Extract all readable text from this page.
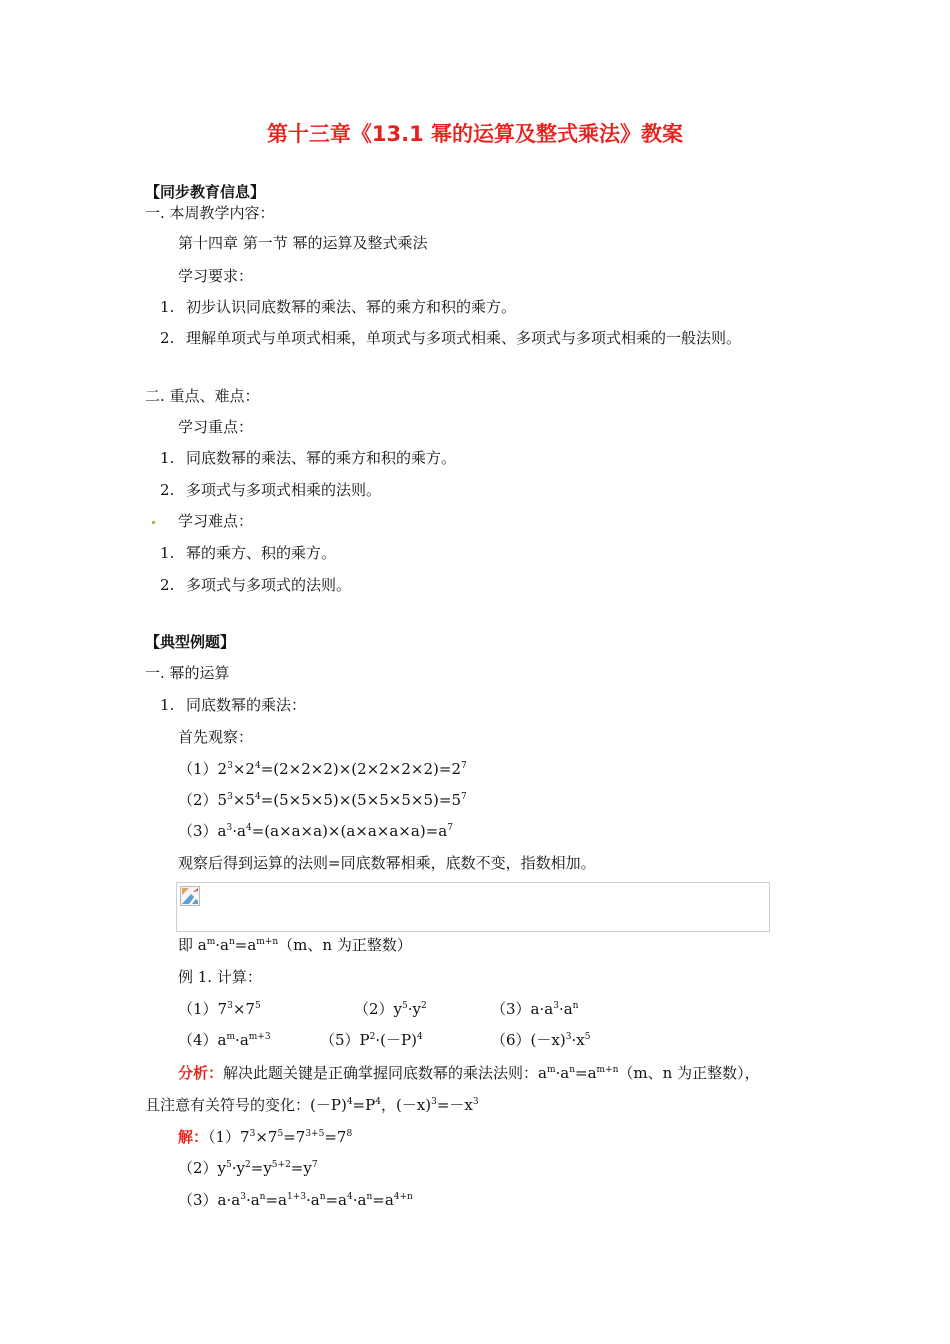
第十三章《13.1 幂的运算及整式乘法》教案
【同步教育信息】
一. 本周教学内容：
第十四章 第一节 幂的运算及整式乘法
学习要求：
1. 初步认识同底数幂的乘法、幂的乘方和积的乘方。
2. 理解单项式与单项式相乘，单项式与多项式相乘、多项式与多项式相乘的一般法则。
二. 重点、难点：
学习重点：
1. 同底数幂的乘法、幂的乘方和积的乘方。
2. 多项式与多项式相乘的法则。
学习难点：
1. 幂的乘方、积的乘方。
2. 多项式与多项式的法则。
【典型例题】
一. 幂的运算
1. 同底数幂的乘法：
首先观察：
$(1)2^3\times 2^4=(2\times 2\times 2)\times(2\times 2\times 2\times 2)=2^7$
$(2)5^3\times 5^4=(5\times 5\times 5)\times(5\times 5\times 5\times 5)=5^7$
$(3)a^3\cdot a^4=(a\times a\times a)\times(a\times a\times a\times a)=a^7$
观察后得到运算的法则=同底数幂相乘，底数不变，指数相加。
即 $a^m\cdot a^n=a^{m+n}(m$、n 为正整数）
例 1. 计算：
$(1)7^3\times 7^5$	$(2)y^5\cdot y^2$	$(3)a\cdot a^3\cdot a^n$
$(4)a^m\cdot a^{m+3}$	$(5)P^2\cdot(-P)^4$	$(6)(-x)^3\cdot x^5$
分析：解决此题关键是正确掌握同底数幂的乘法法则：$a^m\cdot a^n=a^{m+n}(m$、n 为正整数），
且注意有关符号的变化：$(-P)^4=P^4$，$(-x)^3=-x^3$
解：$(1)7^3\times 7^5=7^{3+5}=7^8$
$(2)y^5\cdot y^2=y^{5+2}=y^7$
$(3)a\cdot a^3\cdot a^n=a^{1+3}\cdot a^n=a^4\cdot a^n=a^{4+n}$
